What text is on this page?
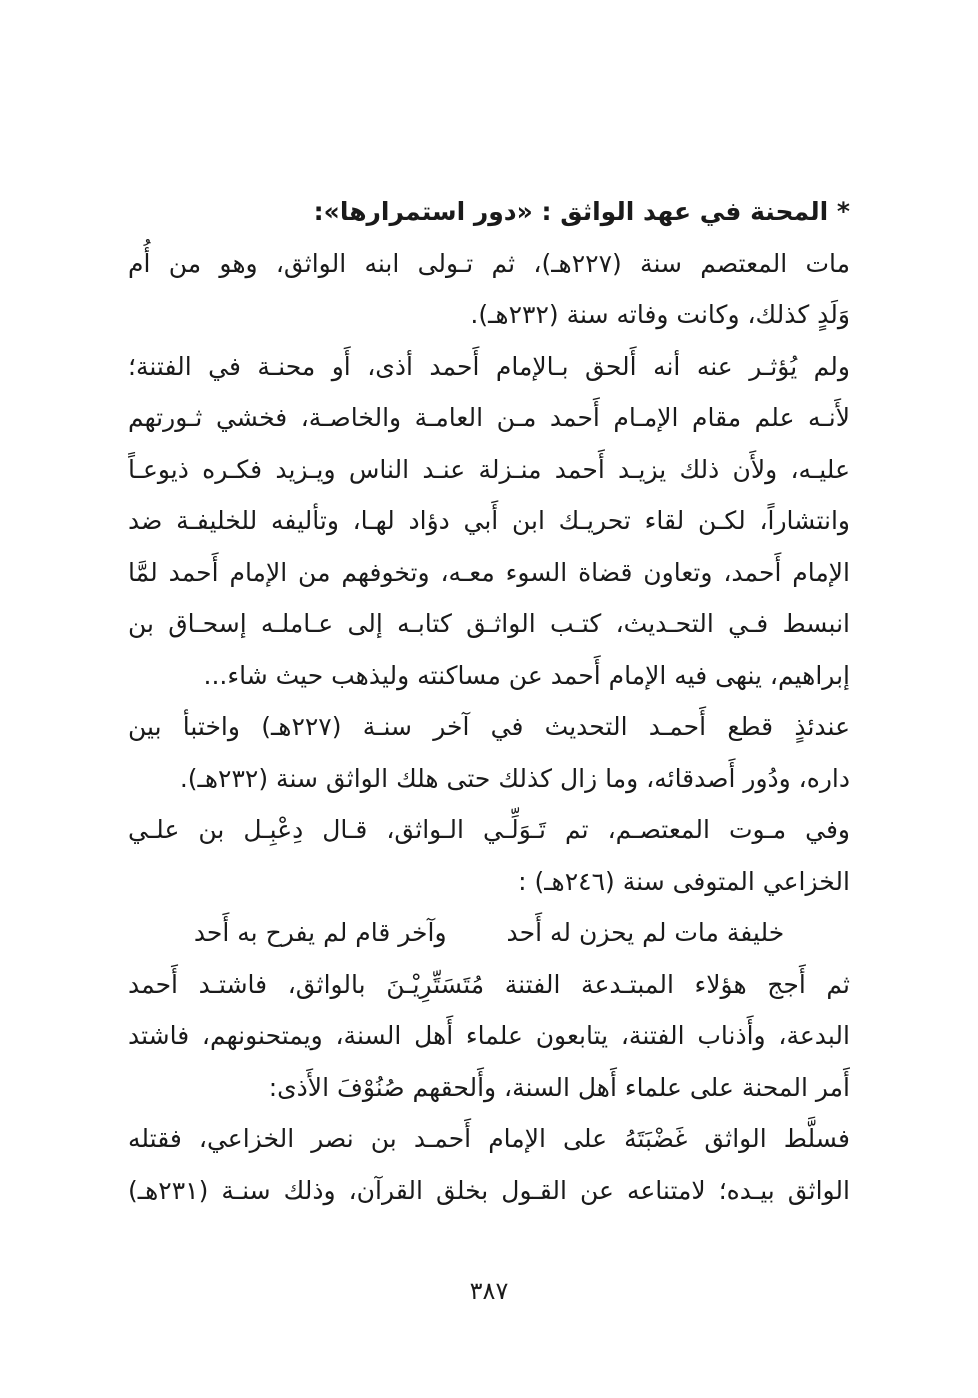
* المحنة في عهد الواثق : «دور استمرارها»:
مات المعتصم سنة (٢٢٧هـ)، ثم تـولى ابنه الواثق، وهو من أُم
وَلَدٍ كذلك، وكانت وفاته سنة (٢٣٢هـ).
ولم يُؤثـر عنه أنه أَلحق بـالإمام أَحمد أذى، أَو محنـة في الفتنة؛
لأَنـه علم مقام الإمـام أَحمد مـن العامـة والخاصـة، فخشي ثـورتهم
عليـه، ولأَن ذلك يزيـد أَحمد منـزلة عنـد الناس ويـزيد فكـره ذيوعـاً
وانتشاراً، لكـن لقاء تحريـك ابن أَبي دؤاد لهـا، وتأليفه للخليفـة ضد
الإمام أَحمد، وتعاون قضاة السوء معـه، وتخوفهم من الإمام أَحمد لمَّا
انبسط فـي التحـديث، كتـب الواثـق كتابـه إلى عـاملـه إسحـاق بن
إبراهيم، ينهى فيه الإمام أَحمد عن مساكنته وليذهب حيث شاء...
عندئذٍ قطع أَحمـد التحديث في آخر سنـة (٢٢٧هـ) واختبأ بين
داره، ودُور أَصدقائه، وما زال كذلك حتى هلك الواثق سنة (٢٣٢هـ).
وفي مـوت المعتصـم، تم تَـوَلِّـي الـواثق، قـال دِعْبِـل بن علـي
الخزاعي المتوفى سنة (٢٤٦هـ) :
خليفة مات لم يحزن له أَحد
وآخر قام لم يفرح به أَحد
ثم أَجج هؤلاء المبتـدعة الفتنة مُتَسَتِّرِيْـنَ بالواثق، فاشتـد أَحمد
البدعة، وأَذناب الفتنة، يتابعون علماء أَهل السنة، ويمتحنونهم، فاشتد
أَمر المحنة على علماء أَهل السنة، وأَلحقهم صُنُوْفَ الأَذى:
فسلَّط الواثق غَضْبَتَهُ على الإمام أَحمـد بن نصر الخزاعي، فقتله
الواثق بيـده؛ لامتناعه عن القـول بخلق القرآن، وذلك سنـة (٢٣١هـ)
٣٨٧
